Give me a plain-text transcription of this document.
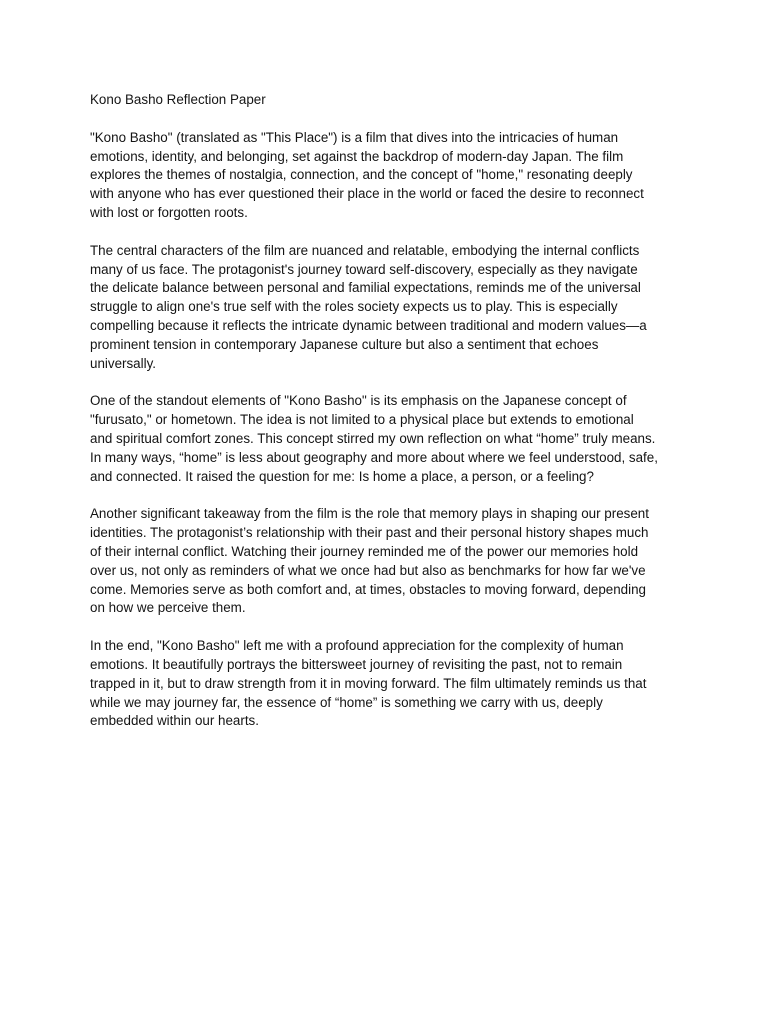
Kono Basho Reflection Paper
"Kono Basho" (translated as "This Place") is a film that dives into the intricacies of human
emotions, identity, and belonging, set against the backdrop of modern-day Japan. The film
explores the themes of nostalgia, connection, and the concept of "home," resonating deeply
with anyone who has ever questioned their place in the world or faced the desire to reconnect
with lost or forgotten roots.
The central characters of the film are nuanced and relatable, embodying the internal conflicts
many of us face. The protagonist's journey toward self-discovery, especially as they navigate
the delicate balance between personal and familial expectations, reminds me of the universal
struggle to align one's true self with the roles society expects us to play. This is especially
compelling because it reflects the intricate dynamic between traditional and modern values—a
prominent tension in contemporary Japanese culture but also a sentiment that echoes
universally.
One of the standout elements of "Kono Basho" is its emphasis on the Japanese concept of
"furusato," or hometown. The idea is not limited to a physical place but extends to emotional
and spiritual comfort zones. This concept stirred my own reflection on what “home” truly means.
In many ways, “home” is less about geography and more about where we feel understood, safe,
and connected. It raised the question for me: Is home a place, a person, or a feeling?
Another significant takeaway from the film is the role that memory plays in shaping our present
identities. The protagonist’s relationship with their past and their personal history shapes much
of their internal conflict. Watching their journey reminded me of the power our memories hold
over us, not only as reminders of what we once had but also as benchmarks for how far we've
come. Memories serve as both comfort and, at times, obstacles to moving forward, depending
on how we perceive them.
In the end, "Kono Basho" left me with a profound appreciation for the complexity of human
emotions. It beautifully portrays the bittersweet journey of revisiting the past, not to remain
trapped in it, but to draw strength from it in moving forward. The film ultimately reminds us that
while we may journey far, the essence of “home” is something we carry with us, deeply
embedded within our hearts.
